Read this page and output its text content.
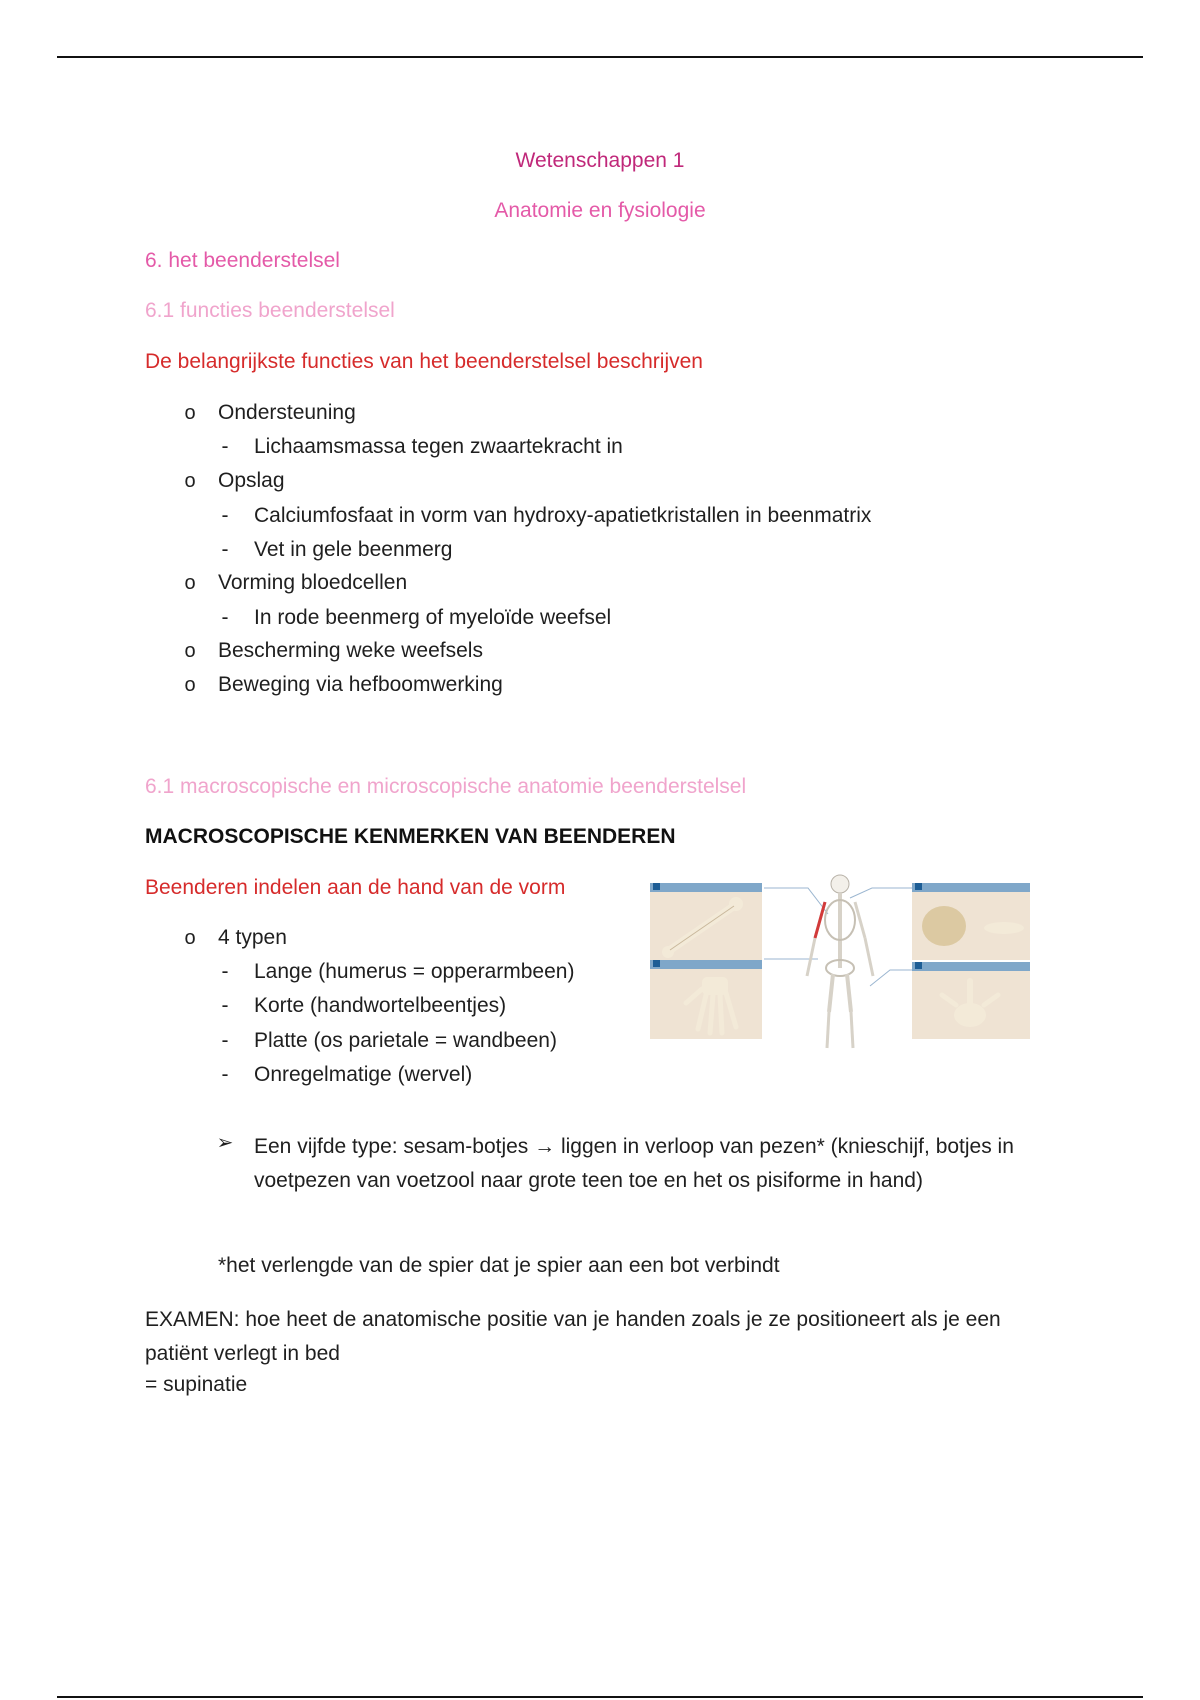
Wetenschappen 1
Anatomie en fysiologie
6. het beenderstelsel
6.1 functies beenderstelsel
De belangrijkste functies van het beenderstelsel beschrijven
o Ondersteuning
-	Lichaamsmassa tegen zwaartekracht in
o Opslag
-	Calciumfosfaat in vorm van hydroxy-apatietkristallen in beenmatrix
-	Vet in gele beenmerg
o Vorming bloedcellen
-	In rode beenmerg of myeloïde weefsel
o Bescherming weke weefsels
o Beweging via hefboomwerking
6.1 macroscopische en microscopische anatomie beenderstelsel
MACROSCOPISCHE KENMERKEN VAN BEENDEREN
Beenderen indelen aan de hand van de vorm
o 4 typen
-	Lange (humerus = opperarmbeen)
-	Korte (handwortelbeentjes)
-	Platte (os parietale = wandbeen)
-	Onregelmatige (wervel)
➢ Een vijfde type: sesam-botjes → liggen in verloop van pezen* (knieschijf, botjes in voetpezen van voetzool naar grote teen toe en het os pisiforme in hand)
*het verlengde van de spier dat je spier aan een bot verbindt
EXAMEN: hoe heet de anatomische positie van je handen zoals je ze positioneert als je een patiënt verlegt in bed
= supinatie
